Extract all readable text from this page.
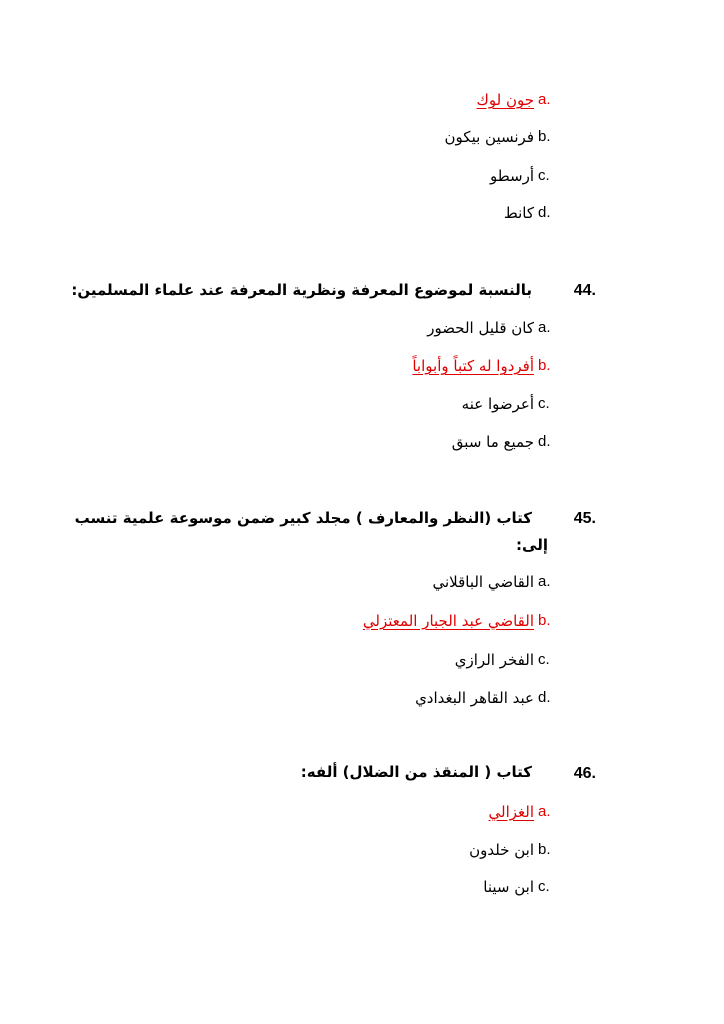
جون لوك a.
فرنسين بيكون b.
أرسطو c.
كانط d.
44.
بالنسبة لموضوع المعرفة ونظرية المعرفة عند علماء المسلمين:
كان قليل الحضور a.
أفردوا له كتباً وأبواباً b.
أعرضوا عنه c.
جميع ما سبق d.
45.
كتاب (النظر والمعارف ) مجلد كبير ضمن موسوعة علمية تنسب
إلى:
القاضي الباقلاني a.
القاضي عبد الجبار المعتزلي b.
الفخر الرازي c.
عبد القاهر البغدادي d.
46.
كتاب ( المنقذ من الضلال) ألفه:
الغزالي a.
ابن خلدون b.
ابن سينا c.
